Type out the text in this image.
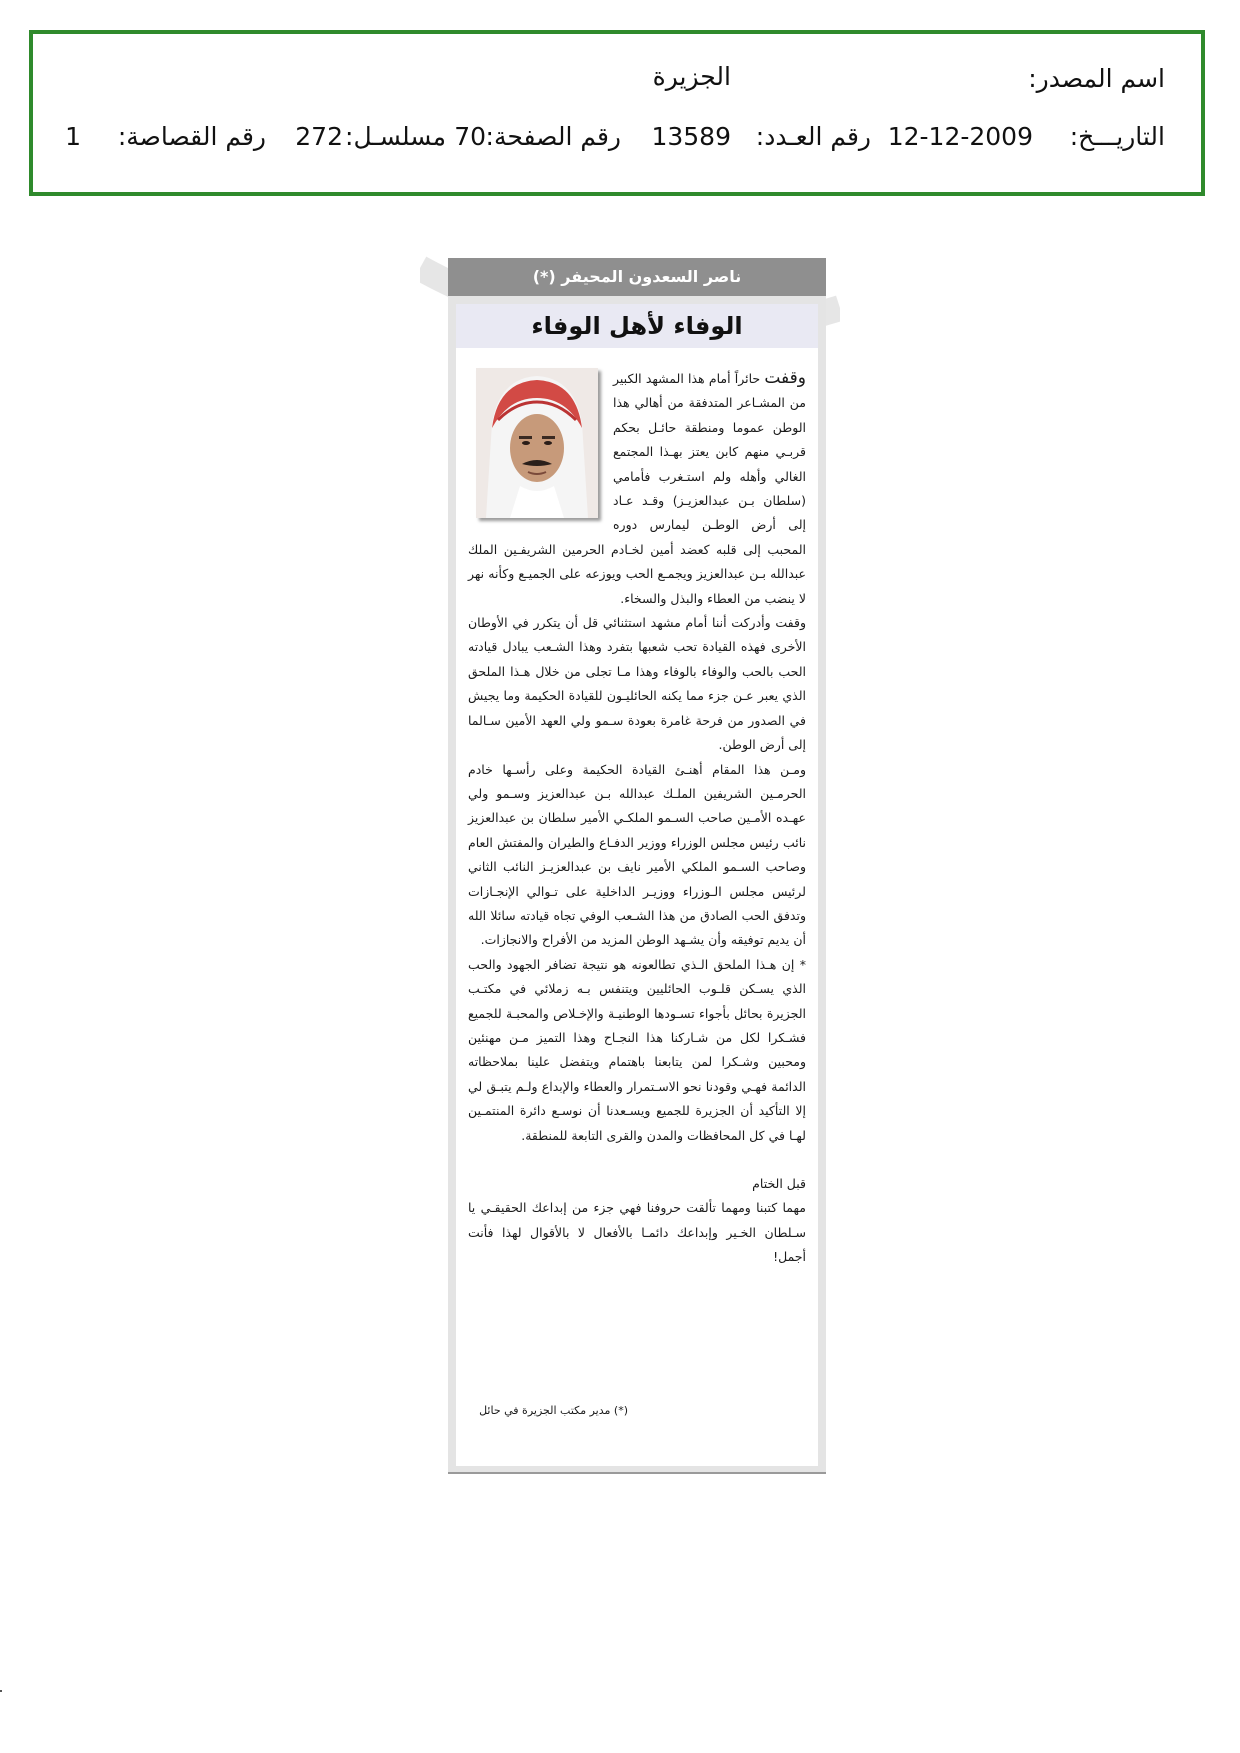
اسم المصدر:
الجزيرة
التاريـــخ:
12-12-2009
رقم العـدد:
13589
رقم الصفحة:
70
مسلسـل:
272
رقم القصاصة:
1
ناصر السعدون المحيفر (*)
الوفاء لأهل الوفاء

وقفت حائراً أمام هذا المشهد الكبير من المشـاعر المتدفقة من أهالي هذا الوطن عموما ومنطقة حائـل بحكم قربـي منهم كابن يعتز بهـذا المجتمع الغالي وأهله ولم استـغرب فأمامي (سلطان بـن عبدالعزيـز) وقـد عـاد إلى أرض الوطـن ليمارس دوره المحبب إلى قلبه كعضد أمين لخـادم الحرمين الشريفـين الملك عبدالله بـن عبدالعزيز ويجمـع الحب ويوزعه على الجميـع وكأنه نهر لا ينضب من العطاء والبذل والسخاء.

وقفت وأدركت أننا أمام مشهد استثنائي قل أن يتكرر في الأوطان الأخرى فهذه القيادة تحب شعبها بتفرد وهذا الشـعب يبادل قيادته الحب بالحب والوفاء بالوفاء وهذا مـا تجلى من خلال هـذا الملحق الذي يعبر عـن جزء مما يكنه الحائليـون للقيادة الحكيمة وما يجيش في الصدور من فرحة غامرة بعودة سـمو ولي العهد الأمين سـالما إلى أرض الوطن.

ومـن هذا المقام أهنـئ القيادة الحكيمة وعلى رأسـها خادم الحرمـين الشريفين الملـك عبدالله بـن عبدالعزيز وسـمو ولي عهـده الأمـين صاحب السـمو الملكـي الأمير سلطان بن عبدالعزيز نائب رئيس مجلس الوزراء ووزير الدفـاع والطيران والمفتش العام وصاحب السـمو الملكي الأمير نايف بن عبدالعزيـز النائب الثاني لرئيس مجلس الـوزراء ووزيـر الداخلية على تـوالي الإنجـازات وتدفق الحب الصادق من هذا الشـعب الوفي تجاه قيادته سائلا الله أن يديم توفيقه وأن يشـهد الوطن المزيد من الأفراح والانجازات.

* إن هـذا الملحق الـذي تطالعونه هو نتيجة تضافر الجهود والحب الذي يسـكن قلـوب الحائليين ويتنفس بـه زملائي في مكتـب الجزيرة بحائل بأجواء تسـودها الوطنيـة والإخـلاص والمحبـة للجميع فشـكرا لكل من شـاركنا هذا النجـاح وهذا التميز مـن مهنئين ومحبين وشـكرا لمن يتابعنا باهتمام ويتفضل علينا بملاحظاته الدائمة فهـي وقودنا نحو الاسـتمرار والعطاء والإبداع ولـم يتبـق لي إلا التأكيد أن الجزيرة للجميع ويسـعدنا أن نوسـع دائرة المنتمـين لهـا في كل المحافظات والمدن والقرى التابعة للمنطقة.

قبل الختام

مهما كتبنا ومهما تألقت حروفنا فهي جزء من إبداعك الحقيقـي يا سـلطان الخـير وإبداعك دائمـا بالأفعال لا بالأقوال لهذا فأنت أجمل!

(*) مدير مكتب الجزيرة في حائل
